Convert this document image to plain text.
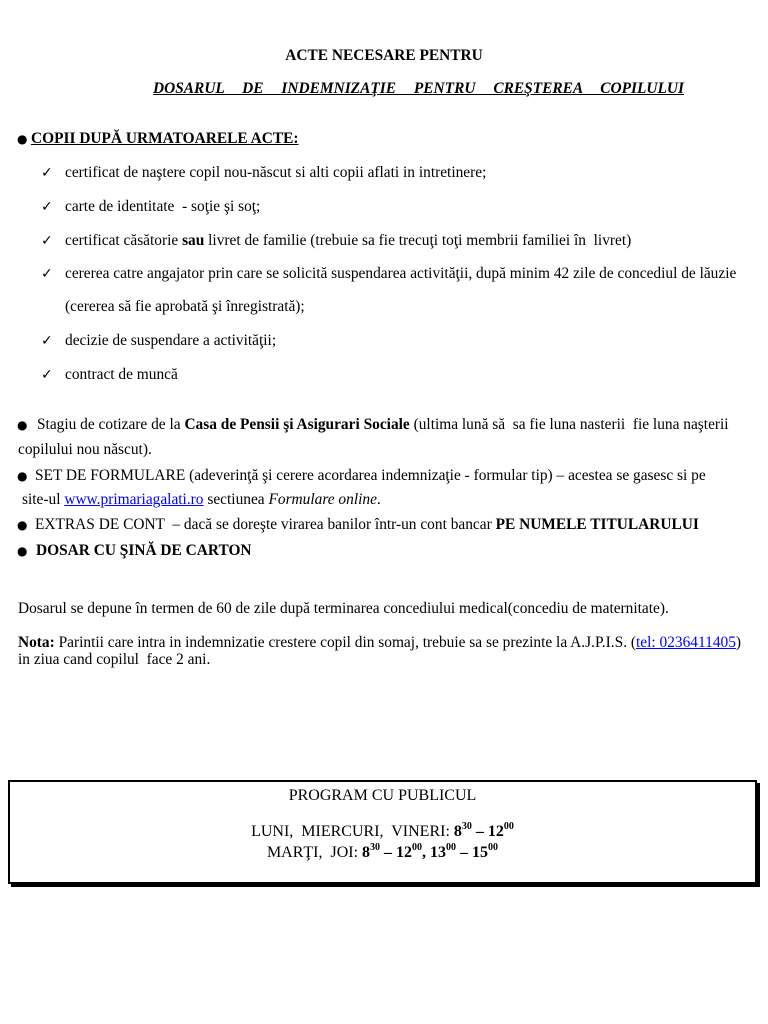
ACTE NECESARE PENTRU
DOSARUL DE INDEMNIZAŢIE PENTRU CREŞTEREA COPILULUI
●
COPII DUPĂ URMATOARELE ACTE:
✓
certificat de naştere copil nou-născut si alti copii aflati in intretinere;
✓
carte de identitate  - soţie şi soţ;
✓
certificat căsătorie sau livret de familie (trebuie sa fie trecuţi toţi membrii familiei în  livret)
✓
cererea catre angajator prin care se solicită suspendarea activităţii, după minim 42 zile de concediul de lăuzie
(cererea să fie aprobată şi înregistrată);
✓
decizie de suspendare a activităţii;
✓
contract de muncă
●
Stagiu de cotizare de la Casa de Pensii şi Asigurari Sociale (ultima lună să  sa fie luna nasterii  fie luna naşterii
copilului nou născut).
●
SET DE FORMULARE (adeverinţă şi cerere acordarea indemnizaţie - formular tip) – acestea se gasesc si pe
site-ul www.primariagalati.ro sectiunea Formulare online.
●
EXTRAS DE CONT  – dacă se doreşte virarea banilor într-un cont bancar PE NUMELE TITULARULUI
●
DOSAR CU ŞINĂ DE CARTON
Dosarul se depune în termen de 60 de zile după terminarea concediului medical(concediu de maternitate).
Nota: Parintii care intra in indemnizatie crestere copil din somaj, trebuie sa se prezinte la A.J.P.I.S. (tel: 0236411405)
in ziua cand copilul  face 2 ani.
PROGRAM CU PUBLICUL
LUNI,  MIERCURI,  VINERI: $8^{30} - 12^{00}$
MARŢI,  JOI: $8^{30} - 12^{00}$, $13^{00} - 15^{00}$
